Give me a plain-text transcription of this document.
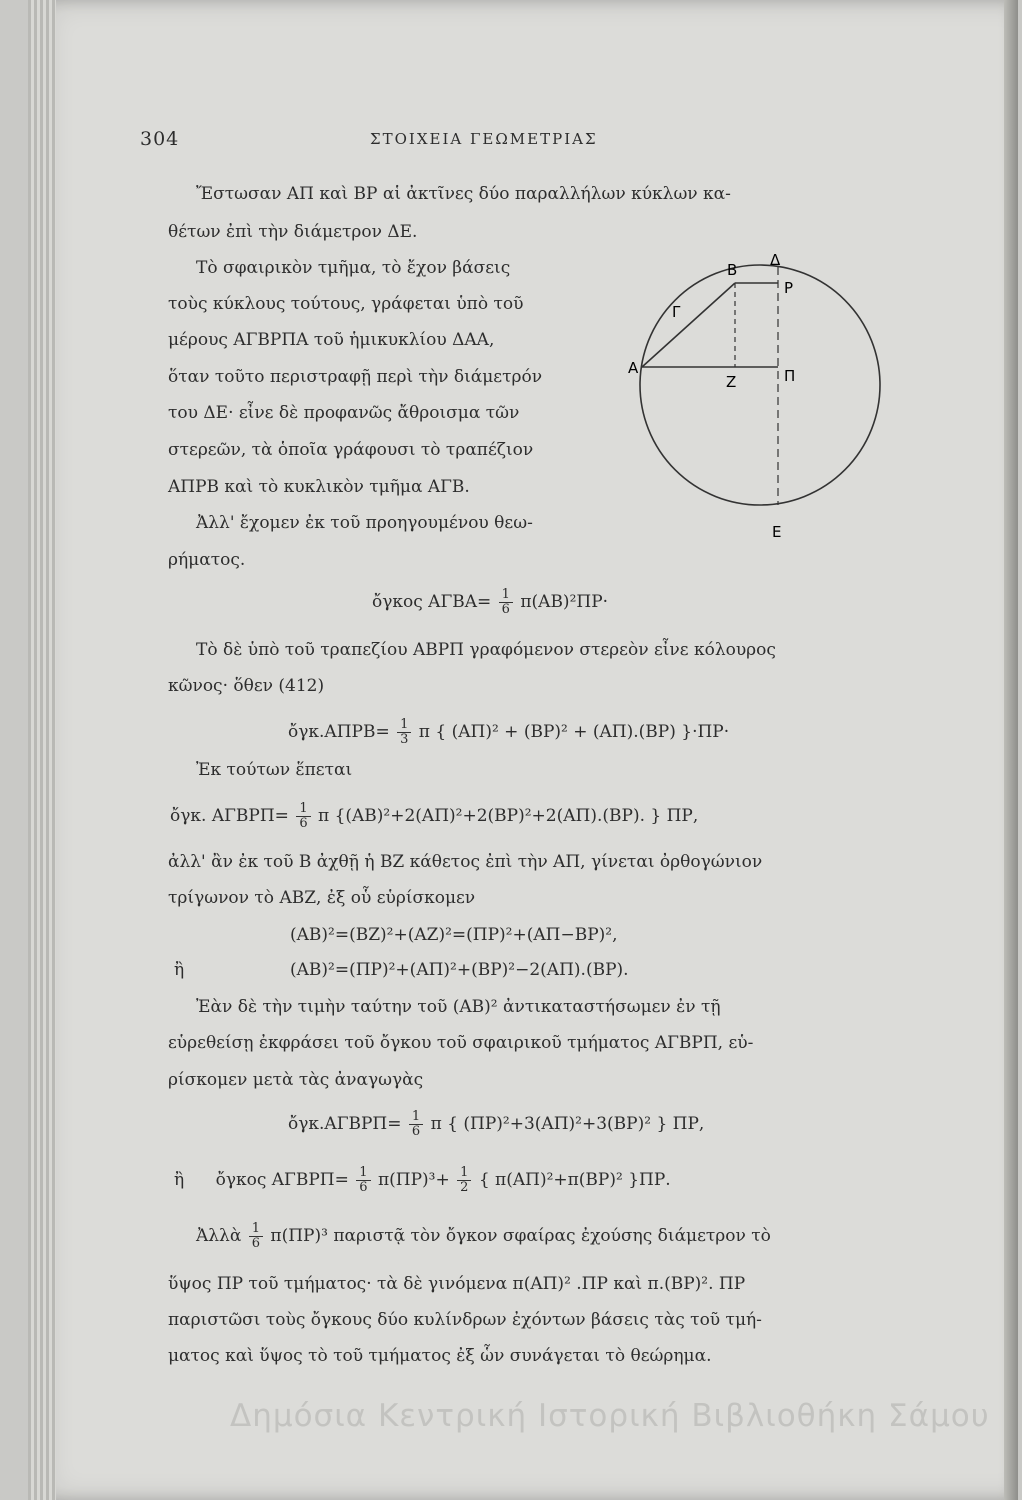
304	ΣΤΟΙΧΕΙΑ ΓΕΩΜΕΤΡΙΑΣ
B
Δ
P
Γ
A
Z	Π
E
Ἔστωσαν ΑΠ καὶ ΒΡ αἱ ἀκτῖνες δύο παραλλήλων κύκλων κα-
θέτων ἐπὶ τὴν διάμετρον ΔΕ.
Τὸ σφαιρικὸν τμῆμα, τὸ ἔχον βάσεις
τοὺς κύκλους τούτους, γράφεται ὑπὸ τοῦ
μέρους ΑΓΒΡΠΑ τοῦ ἡμικυκλίου ΔΑΑ,
ὅταν τοῦτο περιστραφῇ περὶ τὴν διάμετρόν
του ΔΕ· εἶνε δὲ προφανῶς ἄθροισμα τῶν
στερεῶν, τὰ ὁποῖα γράφουσι τὸ τραπέζιον
ΑΠΡΒ καὶ τὸ κυκλικὸν τμῆμα ΑΓΒ.
Ἀλλ' ἔχομεν ἐκ τοῦ προηγουμένου θεω-
ρήματος.
ὄγκος $A\Gamma BA= \frac{1}{6} \pi(AB)^2\Pi P\cdot$
Τὸ δὲ ὑπὸ τοῦ τραπεζίου ΑΒΡΠ γραφόμενον στερεὸν εἶνε κόλουρος
κῶνος· ὅθεν (412)
ὄγκ.ΑΠΡΒ= $\frac{1}{3}$ π { (ΑΠ)² + (ΒΡ)² + (ΑΠ).(ΒΡ) }·ΠΡ·
Ἐκ τούτων ἕπεται
ὄγκ. $A\Gamma BP\Pi= \frac{1}{6}$ π {(ΑΒ)²+2(ΑΠ)²+2(ΒΡ)²+2(ΑΠ).(ΒΡ). } ΠΡ,
ἀλλ' ἂν ἐκ τοῦ Β ἀχθῇ ἡ ΒΖ κάθετος ἐπὶ τὴν ΑΠ, γίνεται ὀρθογώνιον
τρίγωνον τὸ ΑΒΖ, ἐξ οὗ εὑρίσκομεν
(ΑΒ)²=(ΒΖ)²+(ΑΖ)²=(ΠΡ)²+(ΑΠ−ΒΡ)²,
ἢ	(ΑΒ)²=(ΠΡ)²+(ΑΠ)²+(ΒΡ)²−2(ΑΠ).(ΒΡ).
Ἐὰν δὲ τὴν τιμὴν ταύτην τοῦ (ΑΒ)² ἀντικαταστήσωμεν ἐν τῇ
εὑρεθείσῃ ἐκφράσει τοῦ ὄγκου τοῦ σφαιρικοῦ τμήματος ΑΓΒΡΠ, εὑ-
ρίσκομεν μετὰ τὰς ἀναγωγὰς
ὄγκ.ΑΓΒΡΠ= $\frac{1}{6}$ π { (ΠΡ)²+3(ΑΠ)²+3(ΒΡ)² } ΠΡ,
ἢ ὄγκος $A\Gamma BP\Pi= \frac{1}{6} \pi(\Pi P)^3+ \frac{1}{2}$ { π(ΑΠ)²+π(ΒΡ)² }ΠΡ.
Ἀλλὰ $\frac{1}{6} \pi(\Pi P)^3$ παριστᾷ τὸν ὄγκον σφαίρας ἐχούσης διάμετρον τὸ
ὕψος ΠΡ τοῦ τμήματος· τὰ δὲ γινόμενα π(ΑΠ)² .ΠΡ καὶ π.(ΒΡ)². ΠΡ
παριστῶσι τοὺς ὄγκους δύο κυλίνδρων ἐχόντων βάσεις τὰς τοῦ τμή-
ματος καὶ ὕψος τὸ τοῦ τμήματος ἐξ ὧν συνάγεται τὸ θεώρημα.
Δημόσια Κεντρική Ιστορική Βιβλιοθήκη Σάμου
